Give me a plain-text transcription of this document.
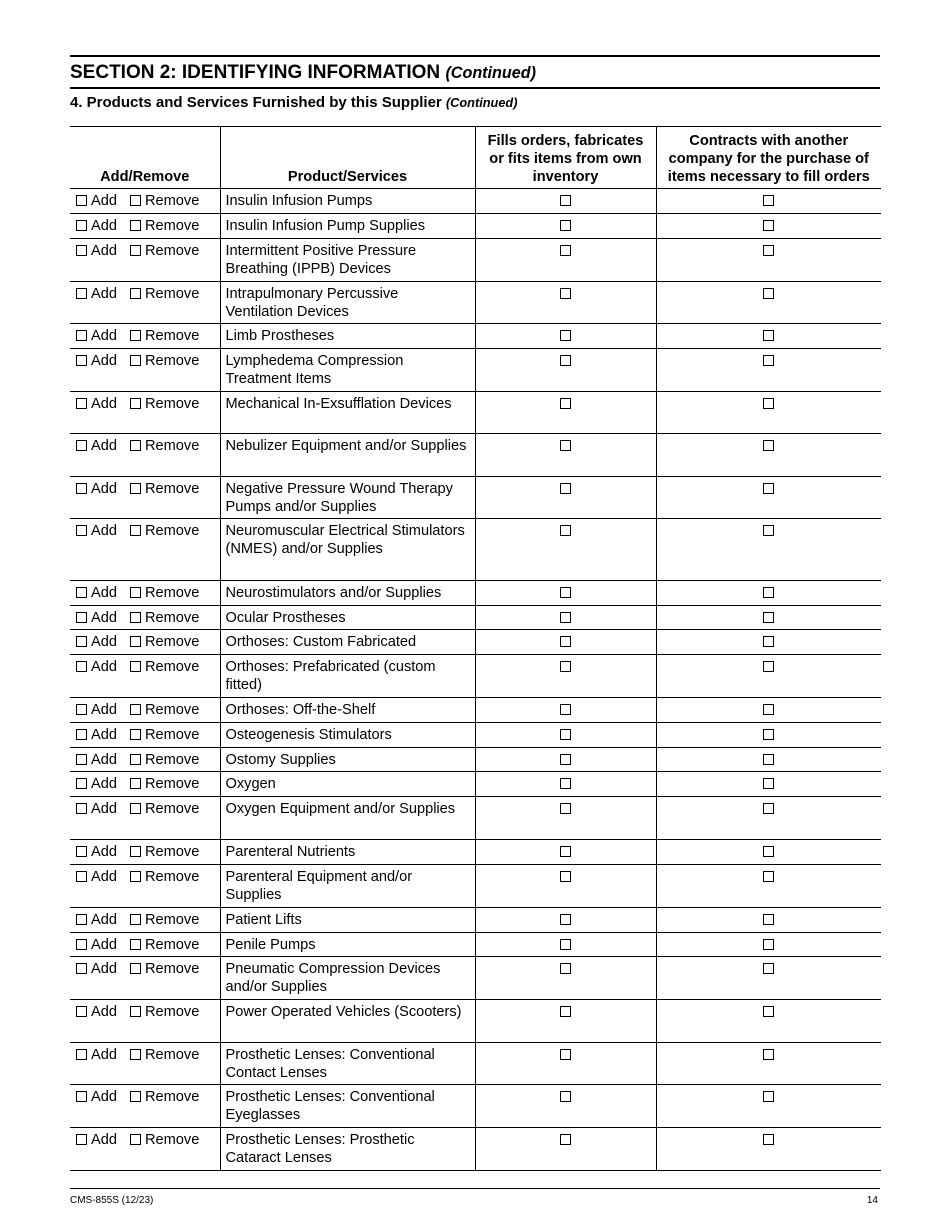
SECTION 2: IDENTIFYING INFORMATION (Continued)
4. Products and Services Furnished by this Supplier (Continued)
Add/Remove	Product/Services	Fills orders, fabricates or fits items from own inventory	Contracts with another company for the purchase of items necessary to fill orders
Add Remove	Insulin Infusion Pumps		
Add Remove	Insulin Infusion Pump Supplies		
Add Remove	Intermittent Positive Pressure Breathing (IPPB) Devices		
Add Remove	Intrapulmonary Percussive Ventilation Devices		
Add Remove	Limb Prostheses		
Add Remove	Lymphedema Compression Treatment Items		
Add Remove	Mechanical In-Exsufflation Devices		
Add Remove	Nebulizer Equipment and/or Supplies		
Add Remove	Negative Pressure Wound Therapy Pumps and/or Supplies		
Add Remove	Neuromuscular Electrical Stimulators (NMES) and/or Supplies		
Add Remove	Neurostimulators and/or Supplies		
Add Remove	Ocular Prostheses		
Add Remove	Orthoses: Custom Fabricated		
Add Remove	Orthoses: Prefabricated (custom fitted)		
Add Remove	Orthoses: Off-the-Shelf		
Add Remove	Osteogenesis Stimulators		
Add Remove	Ostomy Supplies		
Add Remove	Oxygen		
Add Remove	Oxygen Equipment and/or Supplies		
Add Remove	Parenteral Nutrients		
Add Remove	Parenteral Equipment and/or Supplies		
Add Remove	Patient Lifts		
Add Remove	Penile Pumps		
Add Remove	Pneumatic Compression Devices and/or Supplies		
Add Remove	Power Operated Vehicles (Scooters)		
Add Remove	Prosthetic Lenses: Conventional Contact Lenses		
Add Remove	Prosthetic Lenses: Conventional Eyeglasses		
Add Remove	Prosthetic Lenses: Prosthetic Cataract Lenses		
CMS-855S (12/23)	14
